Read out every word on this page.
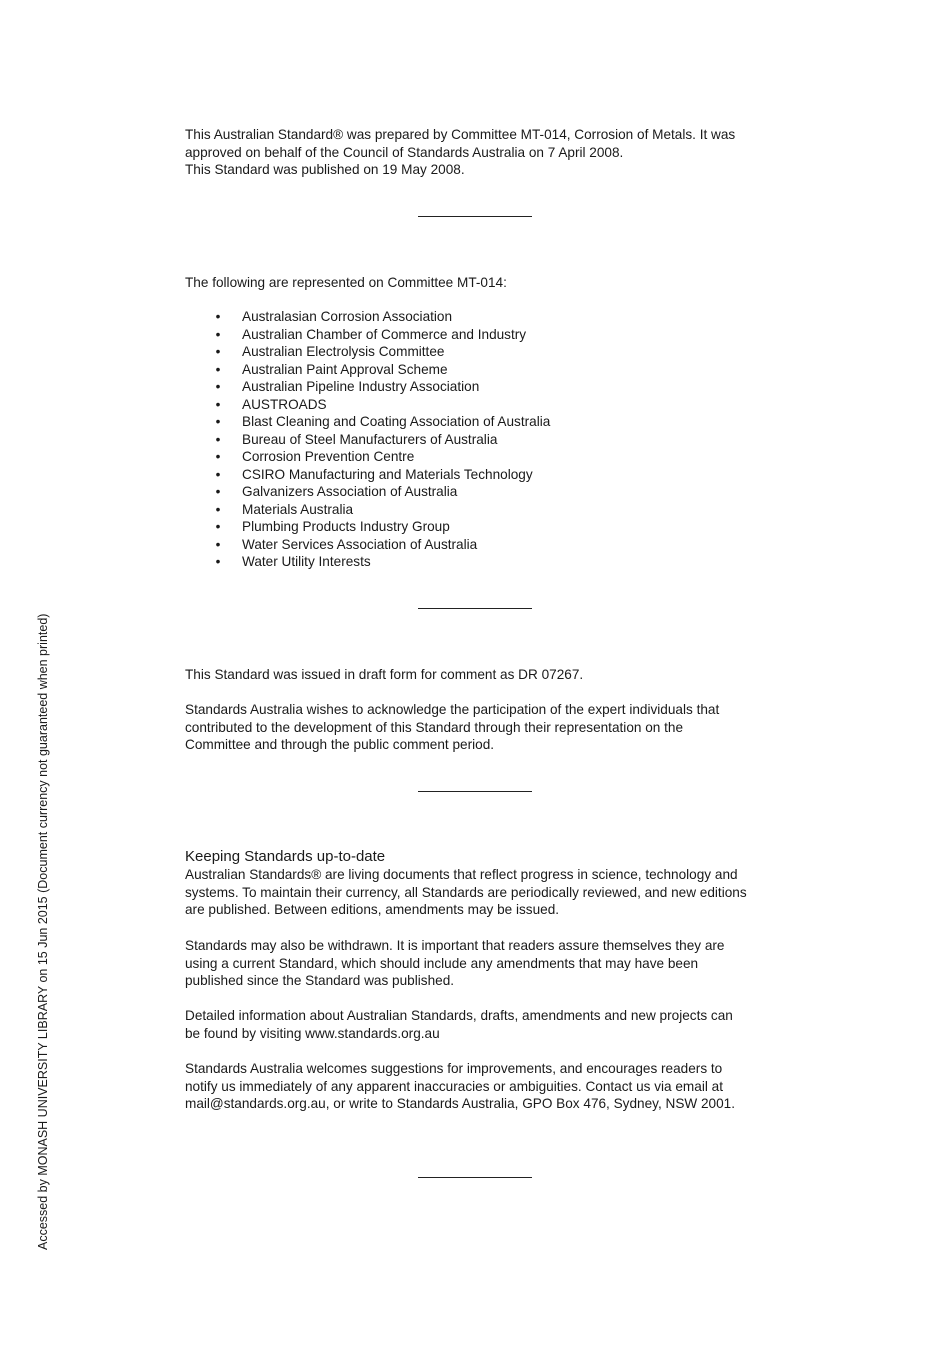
This Australian Standard® was prepared by Committee MT-014, Corrosion of Metals. It was

approved on behalf of the Council of Standards Australia on 7 April 2008.

This Standard was published on 19 May 2008.

The following are represented on Committee MT-014:

• Australasian Corrosion Association
• Australian Chamber of Commerce and Industry
• Australian Electrolysis Committee
• Australian Paint Approval Scheme
• Australian Pipeline Industry Association
• AUSTROADS
• Blast Cleaning and Coating Association of Australia
• Bureau of Steel Manufacturers of Australia
• Corrosion Prevention Centre
• CSIRO Manufacturing and Materials Technology
• Galvanizers Association of Australia
• Materials Australia
• Plumbing Products Industry Group
• Water Services Association of Australia
• Water Utility Interests

This Standard was issued in draft form for comment as DR 07267.

Standards Australia wishes to acknowledge the participation of the expert individuals that

contributed to the development of this Standard through their representation on the

Committee and through the public comment period.

Keeping Standards up-to-date

Australian Standards® are living documents that reflect progress in science, technology and

systems. To maintain their currency, all Standards are periodically reviewed, and new editions

are published. Between editions, amendments may be issued.

Standards may also be withdrawn. It is important that readers assure themselves they are

using a current Standard, which should include any amendments that may have been

published since the Standard was published.

Detailed information about Australian Standards, drafts, amendments and new projects can

be found by visiting www.standards.org.au

Standards Australia welcomes suggestions for improvements, and encourages readers to

notify us immediately of any apparent inaccuracies or ambiguities. Contact us via email at

mail@standards.org.au, or write to Standards Australia, GPO Box 476, Sydney, NSW 2001.

Accessed by MONASH UNIVERSITY LIBRARY on 15 Jun 2015 (Document currency not guaranteed when printed)
